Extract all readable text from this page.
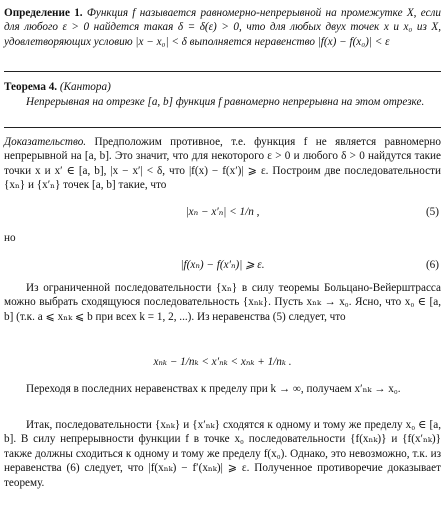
Определение 1. Функция f называется равномерно-непрерывной на промежутке X, если для любого ε > 0 найдется такая δ = δ(ε) > 0, что для любых двух точек x и x₀ из X, удовлетворяющих условию |x − x₀| < δ выполняется неравенство |f(x) − f(x₀)| < ε

Теорема 4. (Кантора)

Непрерывная на отрезке [a, b] функция f равномерно непрерывна на этом отрезке.

Доказательство. Предположим противное, т.е. функция f не является равномерно непрерывной на [a, b]. Это значит, что для некоторого ε > 0 и любого δ > 0 найдутся такие точки x и x′ ∈ [a, b], |x − x′| < δ, что |f(x) − f(x′)| ⩾ ε. Построим две последовательности {xₙ} и {x′ₙ} точек [a, b] такие, что

|xₙ − x′ₙ| < 1/n ,	(5)

но

|f(xₙ) − f(x′ₙ)| ⩾ ε.	(6)

Из ограниченной последовательности {xₙ} в силу теоремы Больцано-Вейерштрасса можно выбрать сходящуюся последовательность {xₙₖ}. Пусть xₙₖ → x₀. Ясно, что x₀ ∈ [a, b] (т.к. a ⩽ xₙₖ ⩽ b при всех k = 1, 2, ...). Из неравенства (5) следует, что

xₙₖ − 1/nₖ < x′ₙₖ < xₙₖ + 1/nₖ .

Переходя в последних неравенствах к пределу при k → ∞, получаем x′ₙₖ → x₀.

Итак, последовательности {xₙₖ} и {x′ₙₖ} сходятся к одному и тому же пределу x₀ ∈ [a, b]. В силу непрерывности функции f в точке x₀ последовательности {f(xₙₖ)} и {f(x′ₙₖ)} также должны сходиться к одному и тому же пределу f(x₀). Однако, это невозможно, т.к. из неравенства (6) следует, что |f(xₙₖ) − f′(xₙₖ)| ⩾ ε. Полученное противоречие доказывает теорему.
